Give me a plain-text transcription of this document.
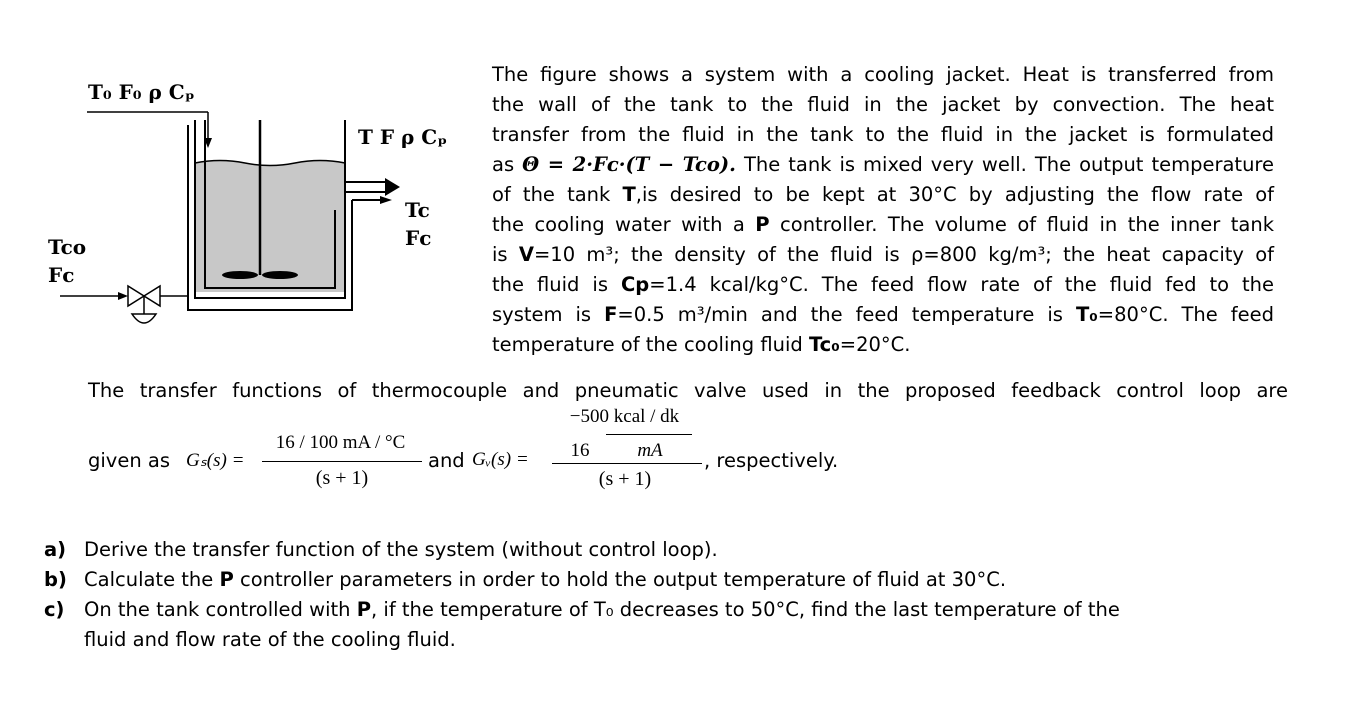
T₀ F₀ ρ Cₚ
T F ρ Cₚ
Tc
Fc
Tco
Fc
The figure shows a system with a cooling jacket. Heat is transferred from
the wall of the tank to the fluid in the jacket by convection. The heat
transfer from the fluid in the tank to the fluid in the jacket is formulated
as Θ = 2·Fᴄ·(T − Tco). The tank is mixed very well. The output temperature
of the tank T,is desired to be kept at 30°C by adjusting the flow rate of
the cooling water with a P controller. The volume of fluid in the inner tank
is V=10 m³; the density of the fluid is ρ=800 kg/m³; the heat capacity of
the fluid is Cp=1.4 kcal/kg°C. The feed flow rate of the fluid fed to the
system is F=0.5 m³/min and the feed temperature is T₀=80°C. The feed
temperature of the cooling fluid Tc₀=20°C.
The transfer functions of thermocouple and pneumatic valve used in the proposed feedback control loop are
given as Gₛ(s) =
16 / 100 mA / °C
(s + 1)
and Gᵥ(s) =
−500 kcal / dk
16	mA
(s + 1)
, respectively.
a) Derive the transfer function of the system (without control loop).
b) Calculate the P controller parameters in order to hold the output temperature of fluid at 30°C.
c) On the tank controlled with P, if the temperature of T₀ decreases to 50°C, find the last temperature of the
fluid and flow rate of the cooling fluid.
